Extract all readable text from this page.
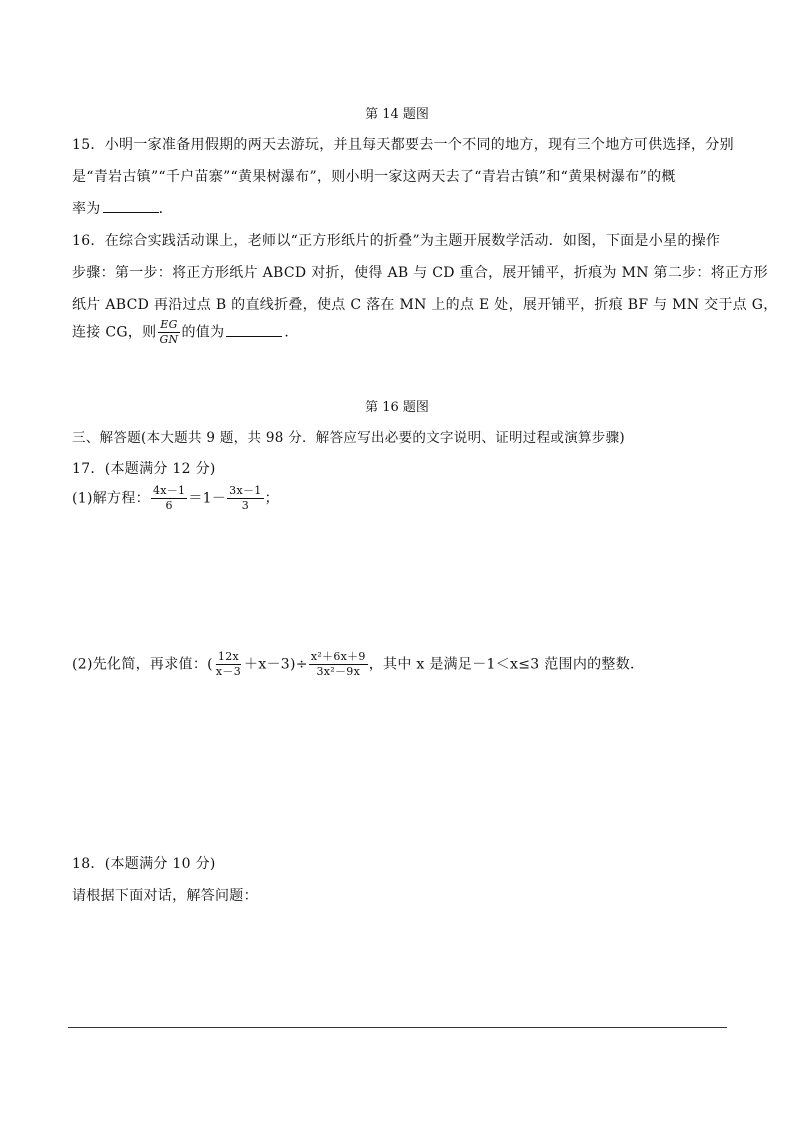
第 14 题图
15．小明一家准备用假期的两天去游玩，并且每天都要去一个不同的地方，现有三个地方可供选择，分别
是“青岩古镇”“千户苗寨”“黄果树瀑布”，则小明一家这两天去了“青岩古镇”和“黄果树瀑布”的概
率为	．
16．在综合实践活动课上，老师以“正方形纸片的折叠”为主题开展数学活动．如图，下面是小星的操作
步骤：第一步：将正方形纸片 ABCD 对折，使得 AB 与 CD 重合，展开铺平，折痕为 MN 第二步：将正方形
纸片 ABCD 再沿过点 B 的直线折叠，使点 C 落在 MN 上的点 E 处，展开铺平，折痕 BF 与 MN 交于点 G，
连接 CG，则 $\frac{EG}{GN}$ 的值为	．
第 16 题图
三、解答题(本大题共 9 题，共 98 分．解答应写出必要的文字说明、证明过程或演算步骤)
17．(本题满分 12 分)
(1)解方程： $\frac{4x-1}{6} =1- \frac{3x-1}{3}$ ；
(2)先化简，再求值：( $\frac{12x}{x-3} +x-3)\div \frac{\text{x²＋6x＋9}}{\text{3x²－9x}}$ ，其中 x 是满足－1＜x≤3 范围内的整数．
18．(本题满分 10 分)
请根据下面对话，解答问题：
